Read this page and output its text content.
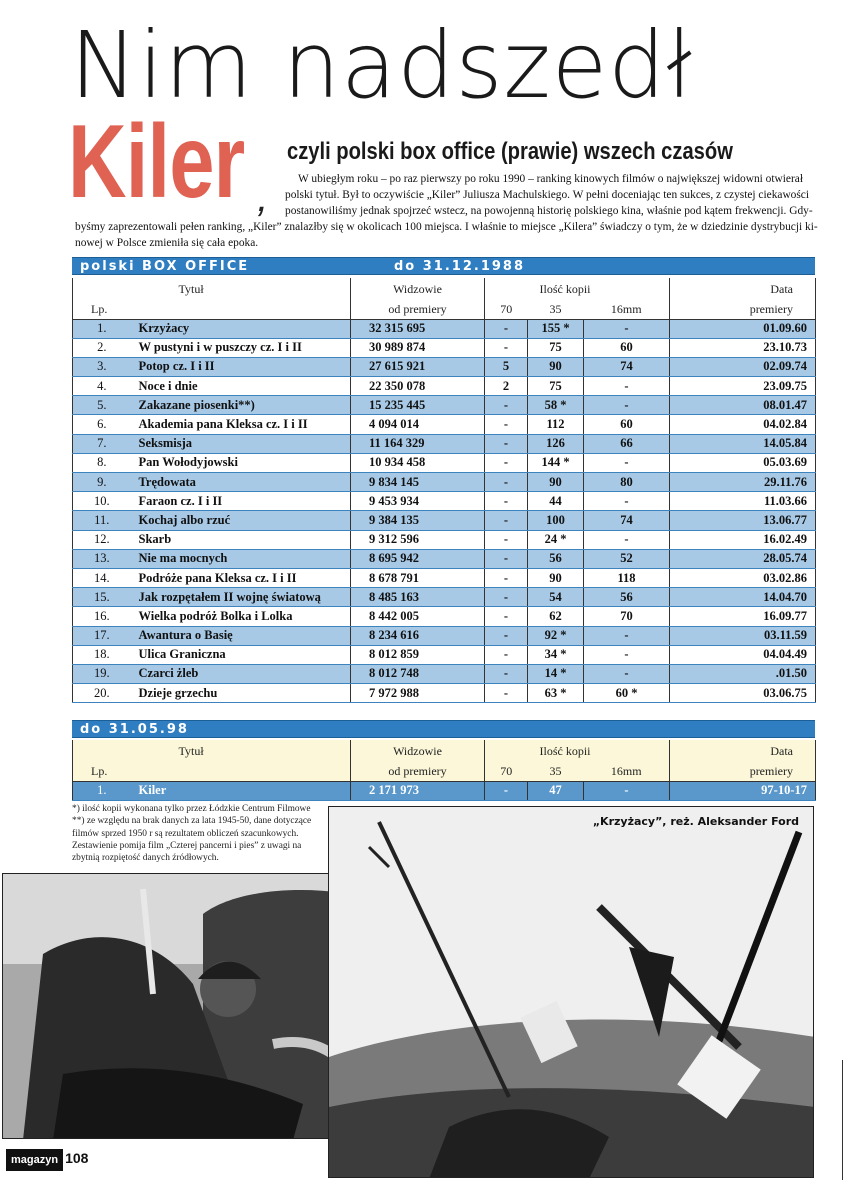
Nim nadszedł
Kiler ,
czyli polski box office (prawie) wszech czasów
W ubiegłym roku – po raz pierwszy po roku 1990 – ranking kinowych filmów o największej widowni otwierał
polski tytuł. Był to oczywiście „Kiler” Juliusza Machulskiego. W pełni doceniając ten sukces, z czystej ciekawości
postanowiliśmy jednak spojrzeć wstecz, na powojenną historię polskiego kina, właśnie pod kątem frekwencji. Gdy-
byśmy zaprezentowali pełen ranking, „Kiler” znalazłby się w okolicach 100 miejsca. I właśnie to miejsce „Kilera” świadczy o tym, że w dziedzinie dystrybucji ki-
nowej w Polsce zmieniła się cała epoka.
polski BOX OFFICE	do 31.12.1988
	Tytuł	Widzowie		Ilość kopii		Data
Lp.		od premiery	70	35	16mm	premiery
1.	Krzyżacy	32 315 695	-	155 *	-	01.09.60
2.	W pustyni i w puszczy cz. I i II	30 989 874	-	75	60	23.10.73
3.	Potop cz. I i II	27 615 921	5	90	74	02.09.74
4.	Noce i dnie	22 350 078	2	75	-	23.09.75
5.	Zakazane piosenki**)	15 235 445	-	58 *	-	08.01.47
6.	Akademia pana Kleksa cz. I i II	4 094 014	-	112	60	04.02.84
7.	Seksmisja	11 164 329	-	126	66	14.05.84
8.	Pan Wołodyjowski	10 934 458	-	144 *	-	05.03.69
9.	Trędowata	9 834 145	-	90	80	29.11.76
10.	Faraon cz. I i II	9 453 934	-	44	-	11.03.66
11.	Kochaj albo rzuć	9 384 135	-	100	74	13.06.77
12.	Skarb	9 312 596	-	24 *	-	16.02.49
13.	Nie ma mocnych	8 695 942	-	56	52	28.05.74
14.	Podróże pana Kleksa cz. I i II	8 678 791	-	90	118	03.02.86
15.	Jak rozpętałem II wojnę światową	8 485 163	-	54	56	14.04.70
16.	Wielka podróż Bolka i Lolka	8 442 005	-	62	70	16.09.77
17.	Awantura o Basię	8 234 616	-	92 *	-	03.11.59
18.	Ulica Graniczna	8 012 859	-	34 *	-	04.04.49
19.	Czarci żleb	8 012 748	-	14 *	-	.01.50
20.	Dzieje grzechu	7 972 988	-	63 *	60 *	03.06.75
do 31.05.98
	Tytuł	Widzowie		Ilość kopii		Data
Lp.		od premiery	70	35	16mm	premiery
1.	Kiler	2 171 973	-	47	-	97-10-17
*) ilość kopii wykonana tylko przez Łódzkie Centrum Filmowe
**) ze względu na brak danych za lata 1945-50, dane dotyczące
filmów sprzed 1950 r są rezultatem obliczeń szacunkowych.
Zestawienie pomija film „Czterej pancerni i pies” z uwagi na
zbytnią rozpiętość danych źródłowych.
„Krzyżacy”, reż. Aleksander Ford
magazyn 108
